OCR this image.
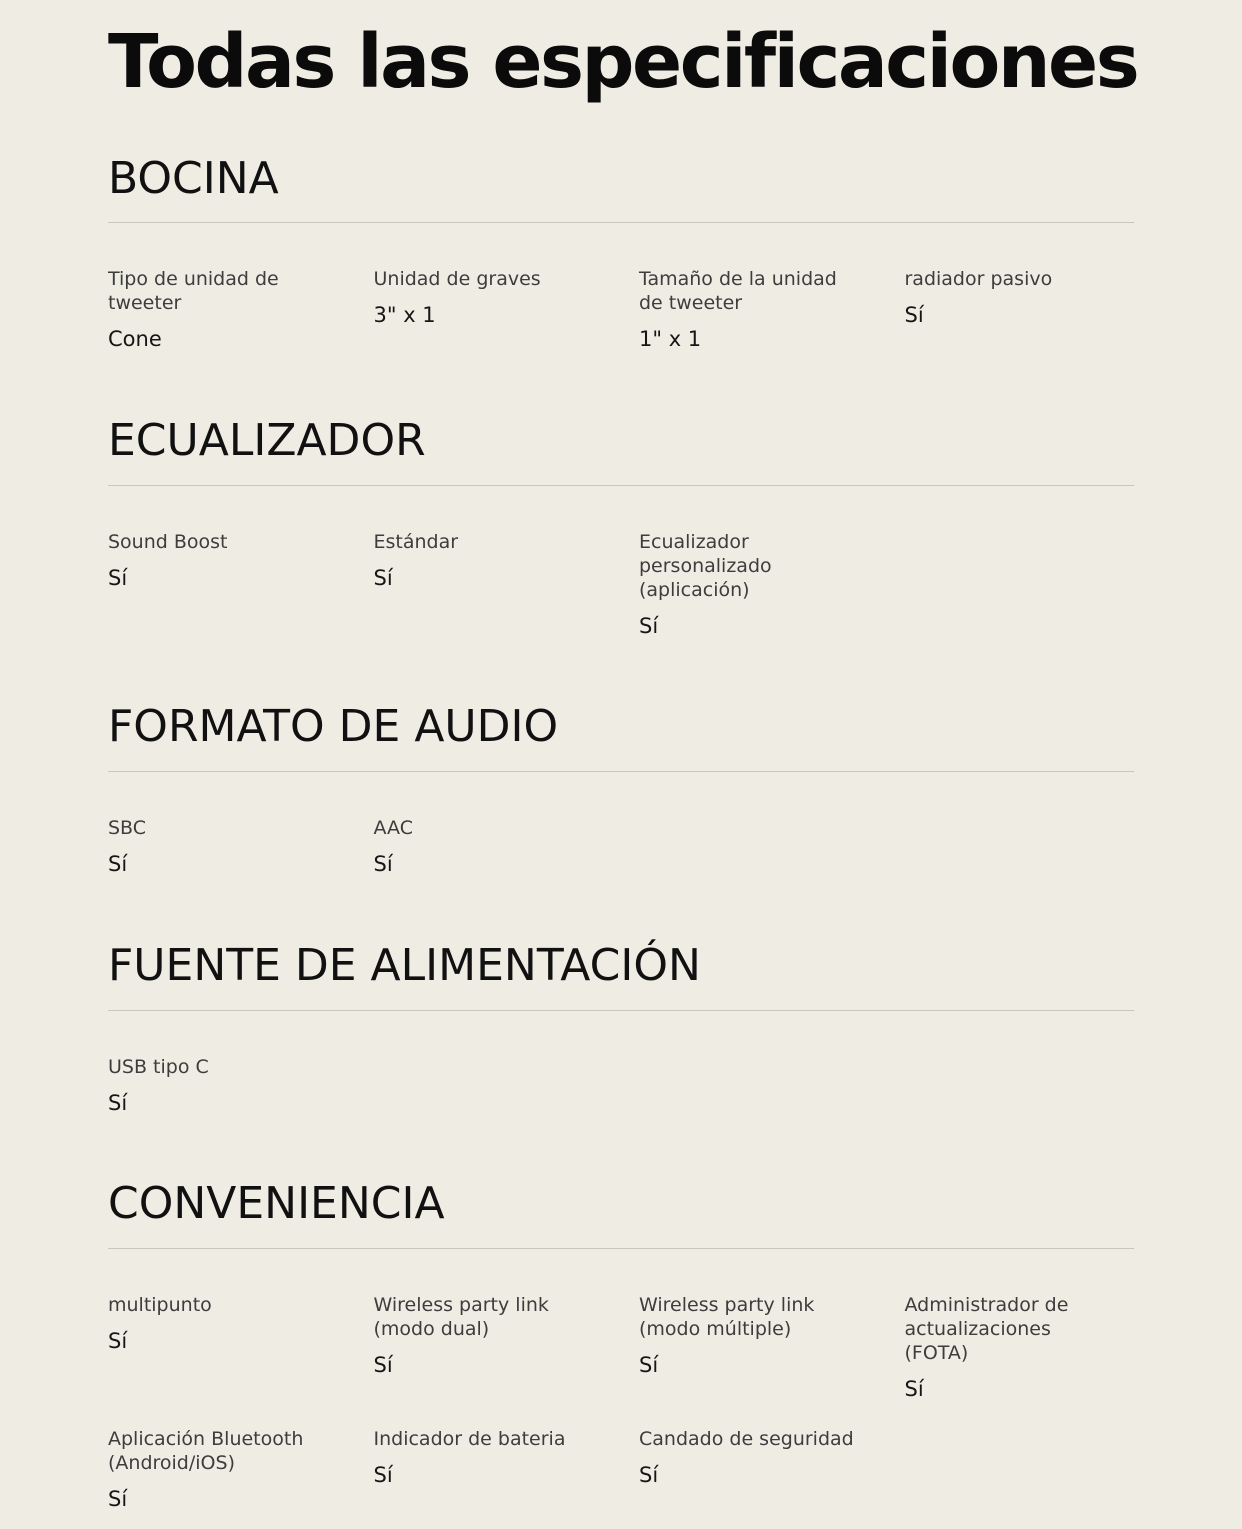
Todas las especificaciones
BOCINA
Tipo de unidad de tweeter
Cone
Unidad de graves
3" x 1
Tamaño de la unidad de tweeter
1" x 1
radiador pasivo
Sí
ECUALIZADOR
Sound Boost
Sí
Estándar
Sí
Ecualizador personalizado (aplicación)
Sí
FORMATO DE AUDIO
SBC
Sí
AAC
Sí
FUENTE DE ALIMENTACIÓN
USB tipo C
Sí
CONVENIENCIA
multipunto
Sí
Wireless party link (modo dual)
Sí
Wireless party link (modo múltiple)
Sí
Administrador de actualizaciones (FOTA)
Sí
Aplicación Bluetooth (Android/iOS)
Sí
Indicador de bateria
Sí
Candado de seguridad
Sí
